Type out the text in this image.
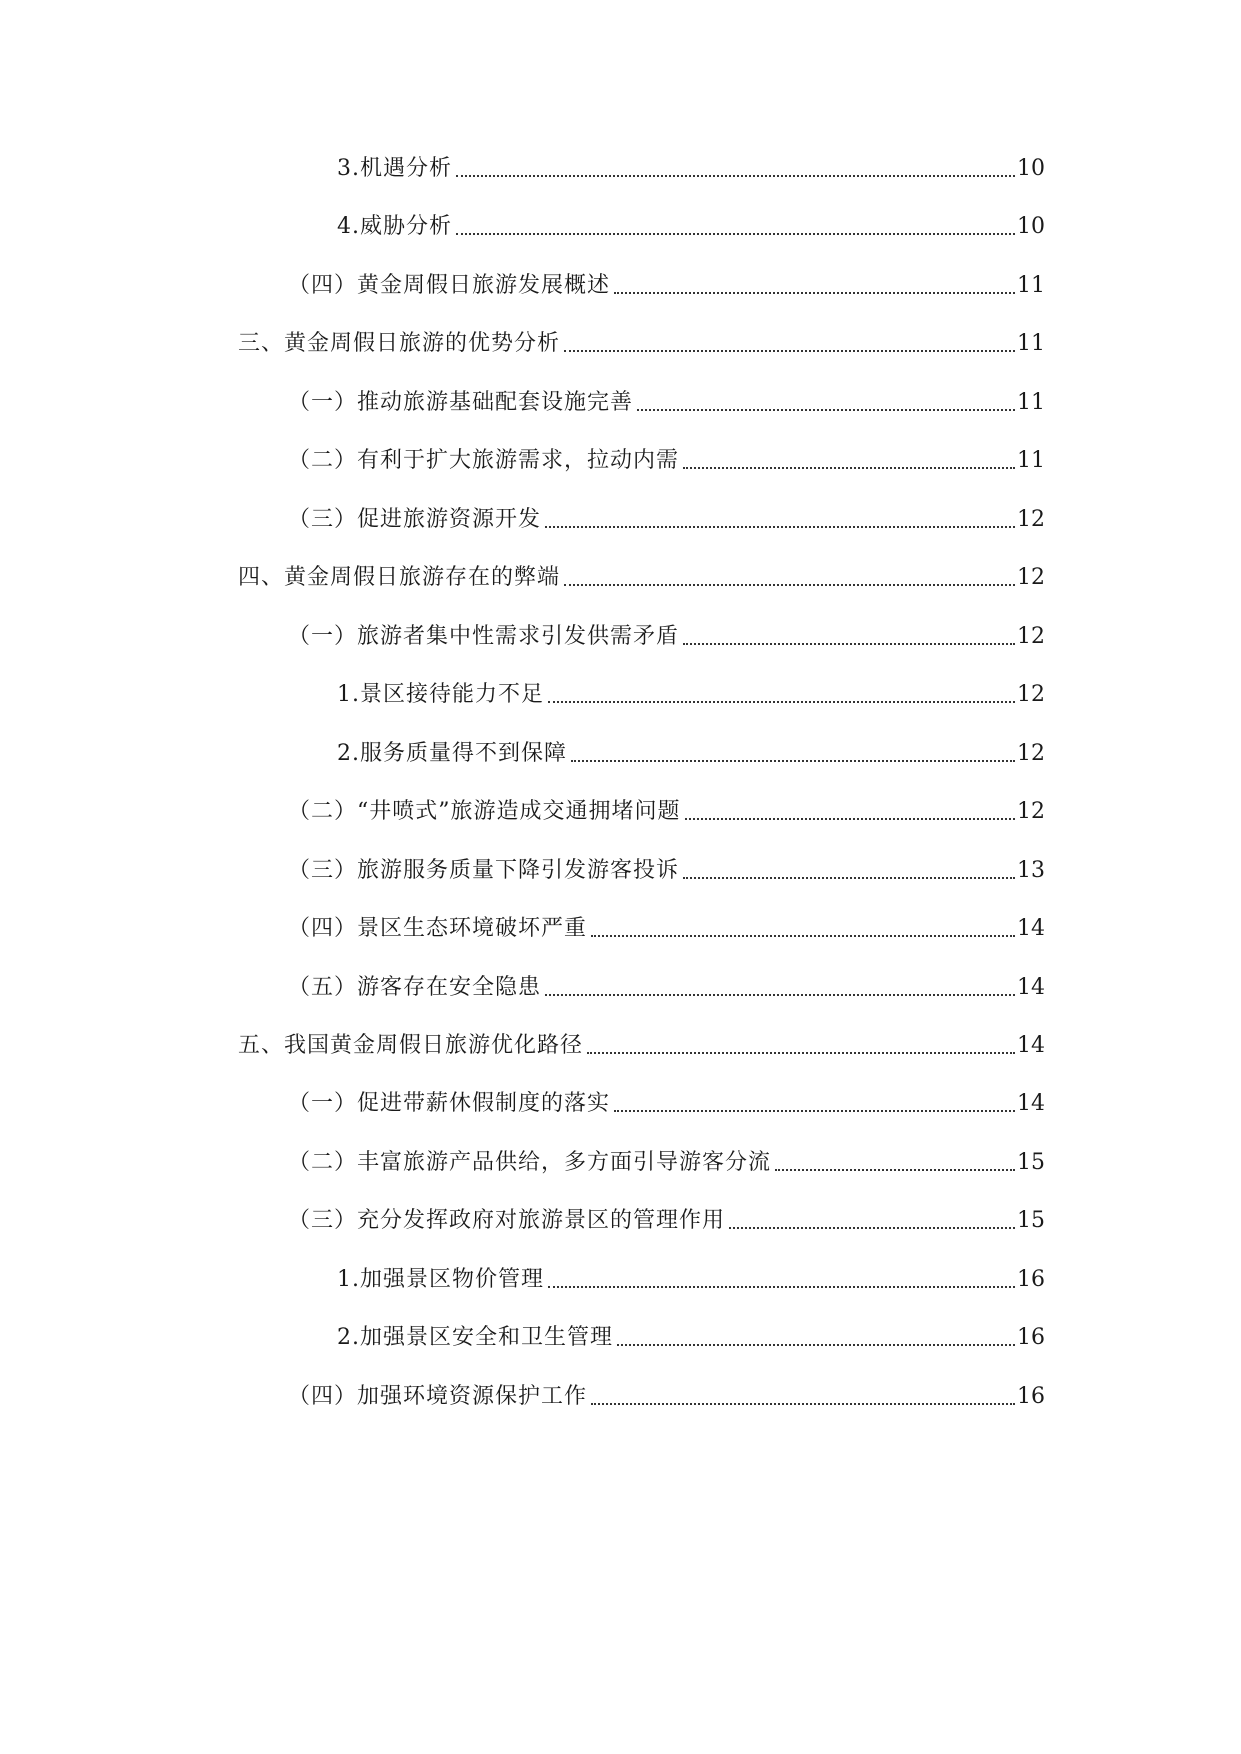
3.机遇分析	10
4.威胁分析	10
（四）黄金周假日旅游发展概述	11
三、黄金周假日旅游的优势分析	11
（一）推动旅游基础配套设施完善	11
（二）有利于扩大旅游需求，拉动内需	11
（三）促进旅游资源开发	12
四、黄金周假日旅游存在的弊端	12
（一）旅游者集中性需求引发供需矛盾	12
1.景区接待能力不足	12
2.服务质量得不到保障	12
（二）“井喷式”旅游造成交通拥堵问题	12
（三）旅游服务质量下降引发游客投诉	13
（四）景区生态环境破坏严重	14
（五）游客存在安全隐患	14
五、我国黄金周假日旅游优化路径	14
（一）促进带薪休假制度的落实	14
（二）丰富旅游产品供给，多方面引导游客分流	15
（三）充分发挥政府对旅游景区的管理作用	15
1.加强景区物价管理	16
2.加强景区安全和卫生管理	16
（四）加强环境资源保护工作	16
